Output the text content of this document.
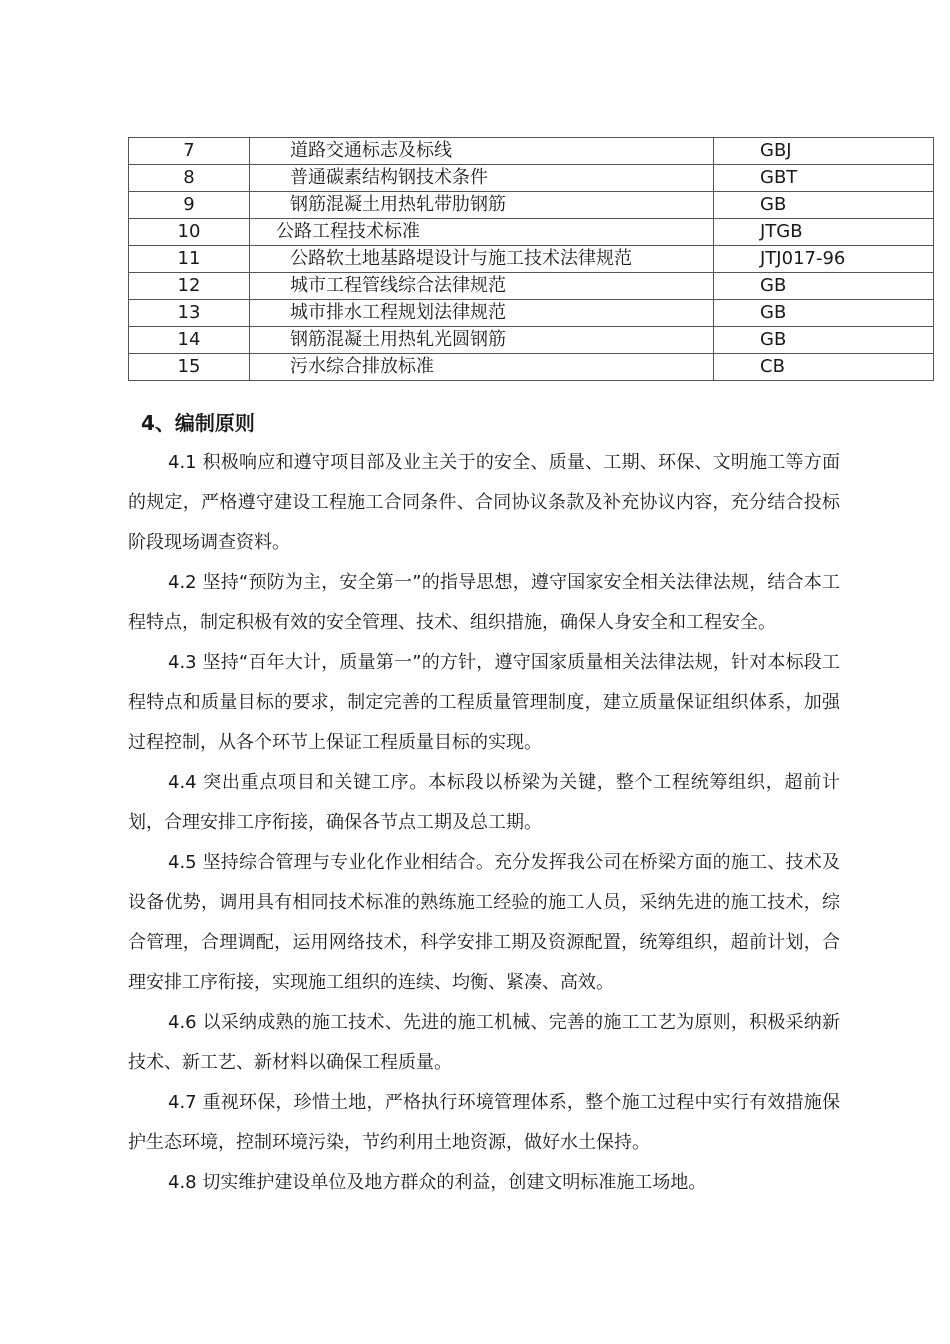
7	道路交通标志及标线	GBJ
8	普通碳素结构钢技术条件	GBT
9	钢筋混凝土用热轧带肋钢筋	GB
10	公路工程技术标准	JTGB
11	公路软土地基路堤设计与施工技术法律规范	JTJ017-96
12	城市工程管线综合法律规范	GB
13	城市排水工程规划法律规范	GB
14	钢筋混凝土用热轧光圆钢筋	GB
15	污水综合排放标准	CB
4、编制原则

4.1 积极响应和遵守项目部及业主关于的安全、质量、工期、环保、文明施工等方面的规定，严格遵守建设工程施工合同条件、合同协议条款及补充协议内容，充分结合投标阶段现场调查资料。

4.2 坚持“预防为主，安全第一”的指导思想，遵守国家安全相关法律法规，结合本工程特点，制定积极有效的安全管理、技术、组织措施，确保人身安全和工程安全。

4.3 坚持“百年大计，质量第一”的方针，遵守国家质量相关法律法规，针对本标段工程特点和质量目标的要求，制定完善的工程质量管理制度，建立质量保证组织体系，加强过程控制，从各个环节上保证工程质量目标的实现。

4.4 突出重点项目和关键工序。本标段以桥梁为关键，整个工程统筹组织，超前计划，合理安排工序衔接，确保各节点工期及总工期。

4.5 坚持综合管理与专业化作业相结合。充分发挥我公司在桥梁方面的施工、技术及设备优势，调用具有相同技术标准的熟练施工经验的施工人员，采纳先进的施工技术，综合管理，合理调配，运用网络技术，科学安排工期及资源配置，统筹组织，超前计划，合理安排工序衔接，实现施工组织的连续、均衡、紧凑、高效。

4.6 以采纳成熟的施工技术、先进的施工机械、完善的施工工艺为原则，积极采纳新技术、新工艺、新材料以确保工程质量。

4.7 重视环保，珍惜土地，严格执行环境管理体系，整个施工过程中实行有效措施保护生态环境，控制环境污染，节约利用土地资源，做好水土保持。

4.8 切实维护建设单位及地方群众的利益，创建文明标准施工场地。
